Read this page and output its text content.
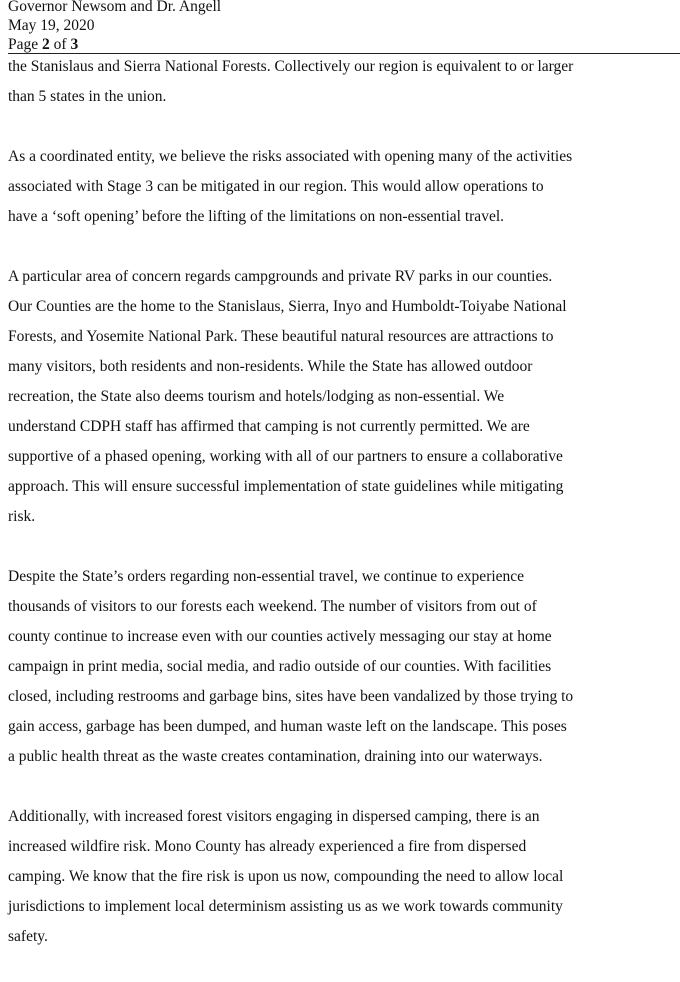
Governor Newsom and Dr. Angell
May 19, 2020
Page 2 of 3

the Stanislaus and Sierra National Forests. Collectively our region is equivalent to or larger
than 5 states in the union.

As a coordinated entity, we believe the risks associated with opening many of the activities
associated with Stage 3 can be mitigated in our region. This would allow operations to
have a ‘soft opening’ before the lifting of the limitations on non-essential travel.

A particular area of concern regards campgrounds and private RV parks in our counties.
Our Counties are the home to the Stanislaus, Sierra, Inyo and Humboldt-Toiyabe National
Forests, and Yosemite National Park. These beautiful natural resources are attractions to
many visitors, both residents and non-residents. While the State has allowed outdoor
recreation, the State also deems tourism and hotels/lodging as non-essential. We
understand CDPH staff has affirmed that camping is not currently permitted. We are
supportive of a phased opening, working with all of our partners to ensure a collaborative
approach. This will ensure successful implementation of state guidelines while mitigating
risk.

Despite the State’s orders regarding non-essential travel, we continue to experience
thousands of visitors to our forests each weekend. The number of visitors from out of
county continue to increase even with our counties actively messaging our stay at home
campaign in print media, social media, and radio outside of our counties. With facilities
closed, including restrooms and garbage bins, sites have been vandalized by those trying to
gain access, garbage has been dumped, and human waste left on the landscape. This poses
a public health threat as the waste creates contamination, draining into our waterways.

Additionally, with increased forest visitors engaging in dispersed camping, there is an
increased wildfire risk. Mono County has already experienced a fire from dispersed
camping. We know that the fire risk is upon us now, compounding the need to allow local
jurisdictions to implement local determinism assisting us as we work towards community
safety.
